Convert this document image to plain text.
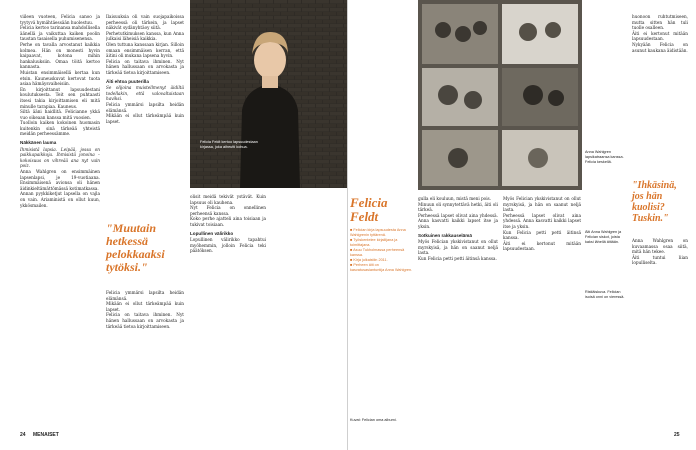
viileen vuoteen, Felicia sanoo ja tyytyvä hymähtäessään huolestuu.

Felicia kertoo tarinansa mahdollisella äänellä ja vaikuttaa kaiken poolin taustan tasaisella puhumisenensa.

Perhe on tavalla arvostanut kaikkia kolmea. Hän on monesti hyvin kaipaavat, kotona mihin hankaluuksiin. Omaa töitä kertoo kannasta.

Muistan ensimmäisellä kertaa kun etsin. Kauneuskuvat kertovat tuota asiaa hämäysvaiheisiin.

En kirjoittanut lapsuudestani koulutuksesta. Teit sen puhtaasti itsesi takia kirjoittamisen eli mitä minulle tarapiaa. Kauneus.

Siltä ääni haidlitä. Felicianne ykkä vuo oikeaan kanssa mitä vuosien.

Tuolloin kaiken kokoinen huomasin kuitenkin sinä tärkeää yhteistä meidän perheessämme.

Näkkänen lauma
Ihmisistä lapsia. Leipää, jossa on paikkapaikkoja. Ihmisistä jonoina – kokoisuus on vihreää ana nyt vain poiz.

Anna Wahlgren on ensimmäinen lapsenlapsi, je 19-vuotiaana. Ensimmäisenä avionsa oli hänen äidinkieltämättömässä kotimatkassa.

Annan pyykkiketjut lapsella on vajla on vain. Ariaministä on ollut kuun, ykkösmailen.

Ilaisuuksia oli vain suojapaikoissa perheessä oli tärkein, ja lapset näkivät sydänyhtäoy siitä.

Perhetutkimuksen kanssa, kun Anna julkaisi läheisiä kaikkia.

Olen tuttuna kanssaan kirjan. Silloin omaan ensimmäisen kerran, että äitini oli mukana lapsena hyvin.

Felicia on taitava ihminen. Nyt hänen hallussaan on arvokasta ja tärkeää tietoa kirjoittamiseen.

Äiti ehtoa puuterilla
Se olijoina muistellmenyt äidiltä todellakin, että valovaltaistaan haviksi.

Felicia ymmärsi lapsilta heidän elämänsä.

Mikään ei ollut tärkeämpää kuin lapset.

"Muutain hetkessä pelokkaaksi tytöksi."

Felicia ymmärsi lapsilta heidän elämänsä.

Mikään ei ollut tärkeämpää kuin lapset.

Felicia on taitava ihminen. Nyt hänen hallussaan on arvokasta ja tärkeää tietoa kirjoittamiseen.

Felicia Feldt kertoo lapsuudestaan kirjassa, joka aiheutti kohua.

olisit meidä tekivät ystävät. Kuin lapsuus oli kauhena.

Nyt Felicia on onnellinen perheensä kanssa.

Koko perhe ajatteli aina toisiaan ja tukivat toisiaan.

Lopullinen välirikko

Lopullinen välirikko tapahtui myöhemmin, jolloin Felicia teki päätöksen.

24 MENAISET
Felicia Feldt
■ Felician kirja lapsuudesta Anna Wahlgrenin tyttärenä.
■ Työskentelee kirjailijana ja toimittajana.
■ Asuu Tukholmassa perheensä kanssa.
■ Kirja julkaistiin 2011.
■ Perheen äiti on kasvatusasiantuntija Anna Wahlgren.

gulla eli kouluun, mistä meni pois.

Minuun oli synnytettävä hetki, äiti oli tärkeä.

Perheessä lapset olivat aina yhdessä. Anna kasvatti kaikki lapset itse ja yksin.

Sotkuinen rakkauselämä

Myös Felician ykskivistanut on ollut myrskyisä, ja hän on saanut neljä lasta.

Kun Felicia petti petti äitinsä kanssa.

Anna Wahlgren lapsikatraansa kanssa. Felicia keskellä.
Äiti Anna Wahlgren ja Felician siskot, joista kaksi lähellä äitiään.
Ristiäiskuva. Felician isoisä onni on vieressä.

Myös Felician ykskivistanut on ollut myrskyisä, ja hän on saanut neljä lasta.

Perheessä lapset olivat aina yhdessä. Anna kasvatti kaikki lapset itse ja yksin.

Kun Felicia petti petti äitinsä kanssa.

Äiti ei kertonut mitään lapsuudestaan.

huonoon ruhtutmiseen, mutta sitten hän tuli tuolle osalleen.

Äiti ei kertonut mitään lapsuudestaan.

Nykyään Felicia on asunut kaukana äidistään.

"Ihkäsinä, jos hän kuolisi? Tuskin."

Anna Wahlgren on kuvaamassa osaa siitä, mitä hän tekee.

Äiti tuntui liian lopulliselta.

Kuvat: Felician oma albumi.
25
